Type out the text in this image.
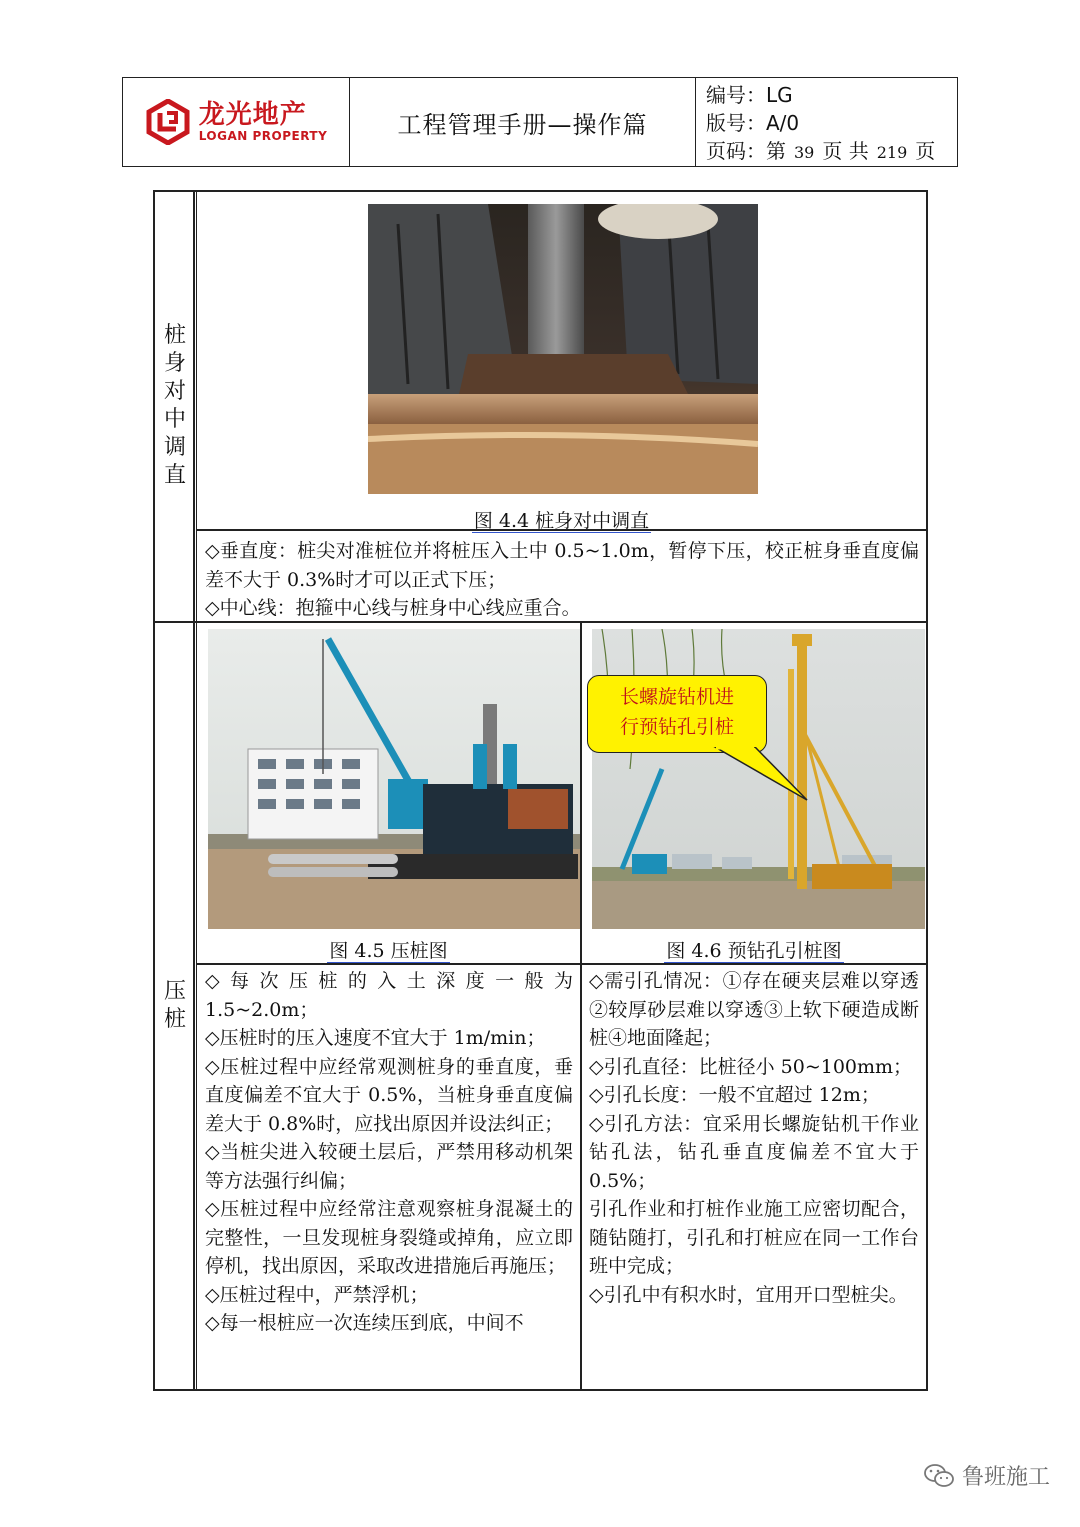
龙光地产
LOGAN PROPERTY	工程管理手册—操作篇
编号：LG
版号：A/0
页码：第 39 页 共 219 页
桩
身
对
中
调
直
图 4.4 桩身对中调直

◇垂直度：桩尖对准桩位并将桩压入土中 0.5~1.0m，暂停下压，校正桩身垂直度偏差不大于 0.3%时才可以正式下压；

◇中心线：抱箍中心线与桩身中心线应重合。

压
桩
长螺旋钻机进
行预钻孔引桩
图 4.5 压桩图	图 4.6 预钻孔引桩图

◇ 每 次 压 桩 的 入 土 深 度 一 般 为 1.5~2.0m；

◇压桩时的压入速度不宜大于 1m/min；

◇压桩过程中应经常观测桩身的垂直度，垂直度偏差不宜大于 0.5%，当桩身垂直度偏差大于 0.8%时，应找出原因并设法纠正；

◇当桩尖进入较硬土层后，严禁用移动机架等方法强行纠偏；

◇压桩过程中应经常注意观察桩身混凝土的完整性，一旦发现桩身裂缝或掉角，应立即停机，找出原因，采取改进措施后再施压；

◇压桩过程中，严禁浮机；

◇每一根桩应一次连续压到底，中间不

◇需引孔情况：①存在硬夹层难以穿透②较厚砂层难以穿透③上软下硬造成断桩④地面隆起；

◇引孔直径：比桩径小 50~100mm；

◇引孔长度：一般不宜超过 12m；

◇引孔方法：宜采用长螺旋钻机干作业钻孔法，钻孔垂直度偏差不宜大于 0.5%；

引孔作业和打桩作业施工应密切配合，随钻随打，引孔和打桩应在同一工作台班中完成；

◇引孔中有积水时，宜用开口型桩尖。

鲁班施工
